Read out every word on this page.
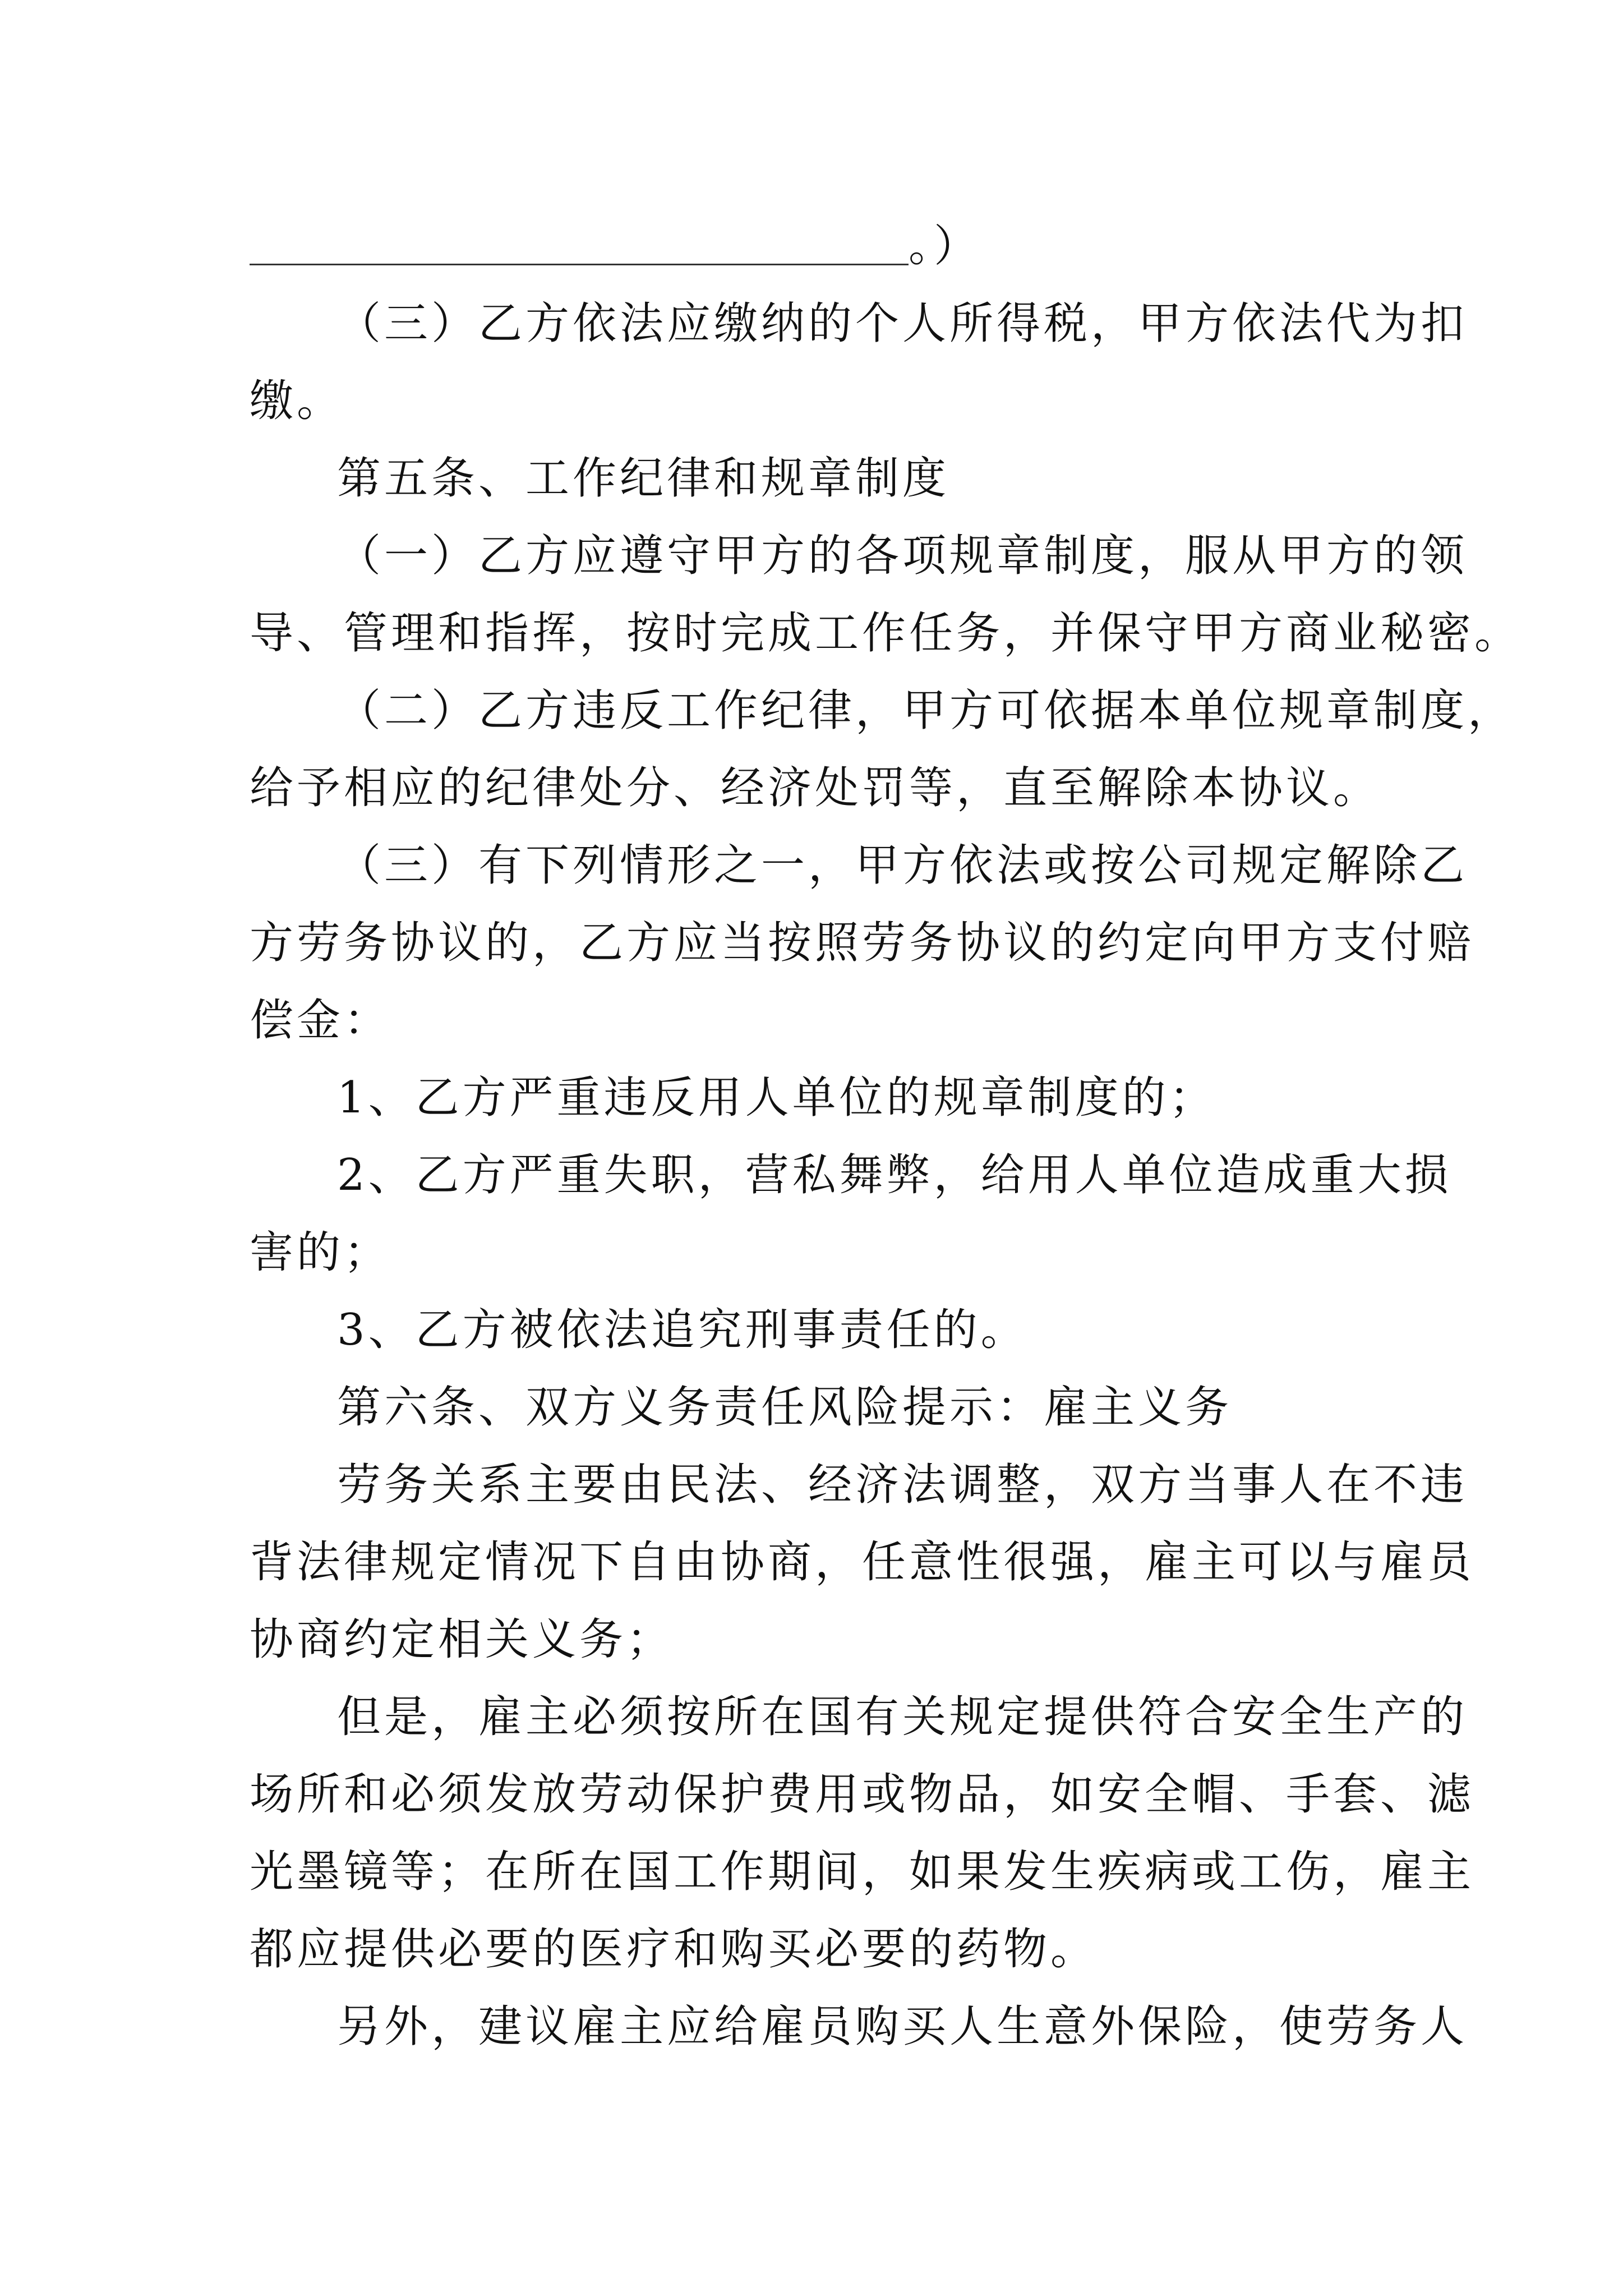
。）
（三）乙方依法应缴纳的个人所得税，甲方依法代为扣
缴。
第五条、工作纪律和规章制度
（一）乙方应遵守甲方的各项规章制度，服从甲方的领
导、管理和指挥，按时完成工作任务，并保守甲方商业秘密。
（二）乙方违反工作纪律，甲方可依据本单位规章制度，
给予相应的纪律处分、经济处罚等，直至解除本协议。
（三）有下列情形之一，甲方依法或按公司规定解除乙
方劳务协议的，乙方应当按照劳务协议的约定向甲方支付赔
偿金：
1、乙方严重违反用人单位的规章制度的；
2、乙方严重失职，营私舞弊，给用人单位造成重大损
害的；
3、乙方被依法追究刑事责任的。
第六条、双方义务责任风险提示：雇主义务
劳务关系主要由民法、经济法调整，双方当事人在不违
背法律规定情况下自由协商，任意性很强，雇主可以与雇员
协商约定相关义务；
但是，雇主必须按所在国有关规定提供符合安全生产的
场所和必须发放劳动保护费用或物品，如安全帽、手套、滤
光墨镜等；在所在国工作期间，如果发生疾病或工伤，雇主
都应提供必要的医疗和购买必要的药物。
另外，建议雇主应给雇员购买人生意外保险，使劳务人
